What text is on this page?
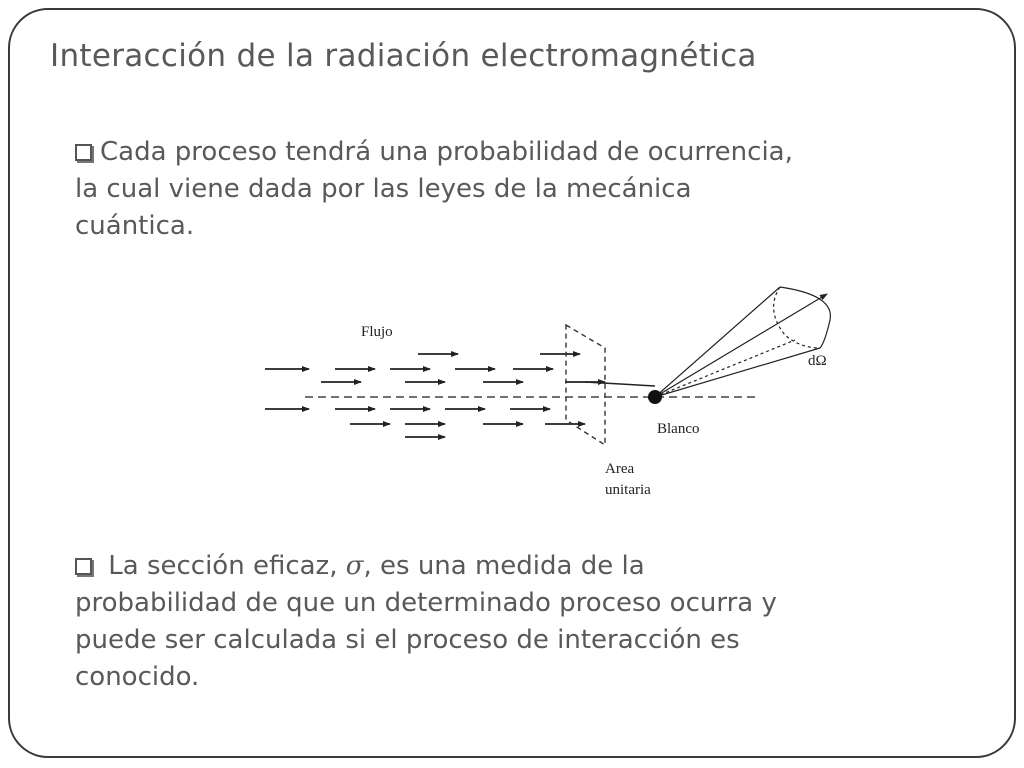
Interacción de la radiación electromagnética
Cada proceso tendrá una probabilidad de ocurrencia,
la cual viene dada por las leyes de la mecánica
cuántica.
Flujo
dΩ
Blanco
Area
unitaria
La sección eficaz, σ, es una medida de la
probabilidad de que un determinado proceso ocurra y
puede ser calculada si el proceso de interacción es
conocido.
